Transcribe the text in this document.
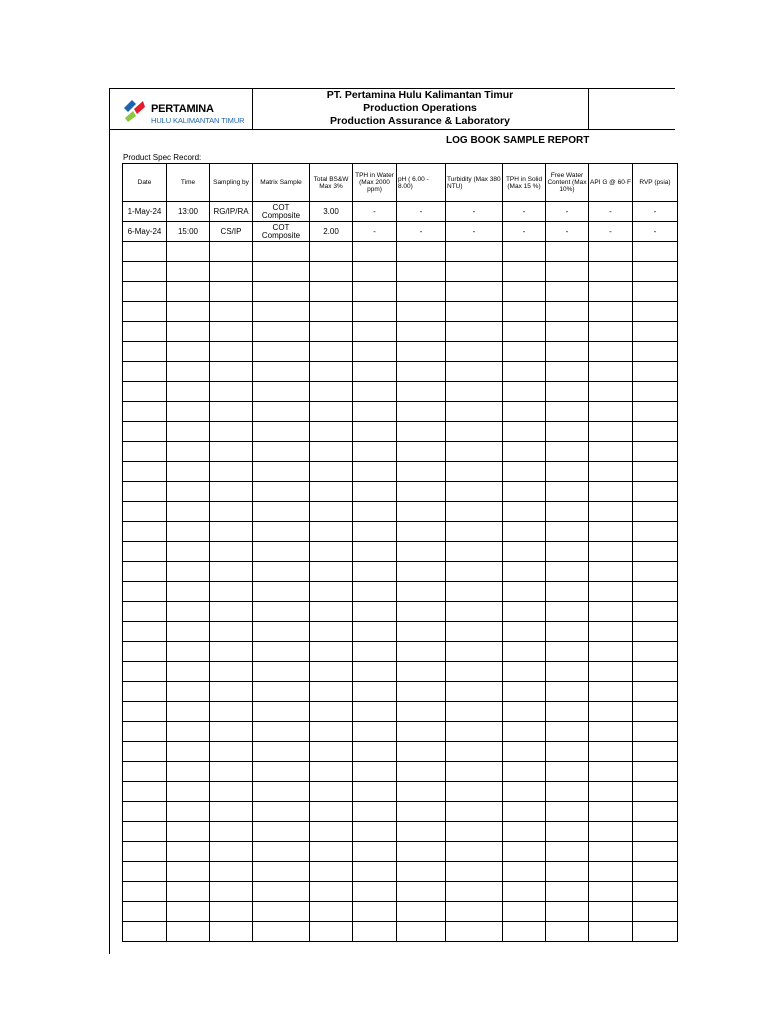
PERTAMINA
HULU KALIMANTAN TIMUR
PT. Pertamina Hulu Kalimantan Timur
Production Operations
Production Assurance & Laboratory
LOG BOOK SAMPLE REPORT
Product Spec Record:
Date	Time	Sampling by	Matrix Sample	Total BS&W Max 3%	TPH in Water (Max 2000 ppm)	pH ( 6.00 - 8.00)	Turbidity (Max 380 NTU)	TPH in Solid (Max 15 %)	Free Water Content (Max 10%)	API G @ 60·F	RVP (psia)
1-May-24	13:00	RG/IP/RA	COT Composite	3.00	-	-	-	-	-	-	-
6-May-24	15:00	CS/IP	COT Composite	2.00	-	-	-	-	-	-	-
